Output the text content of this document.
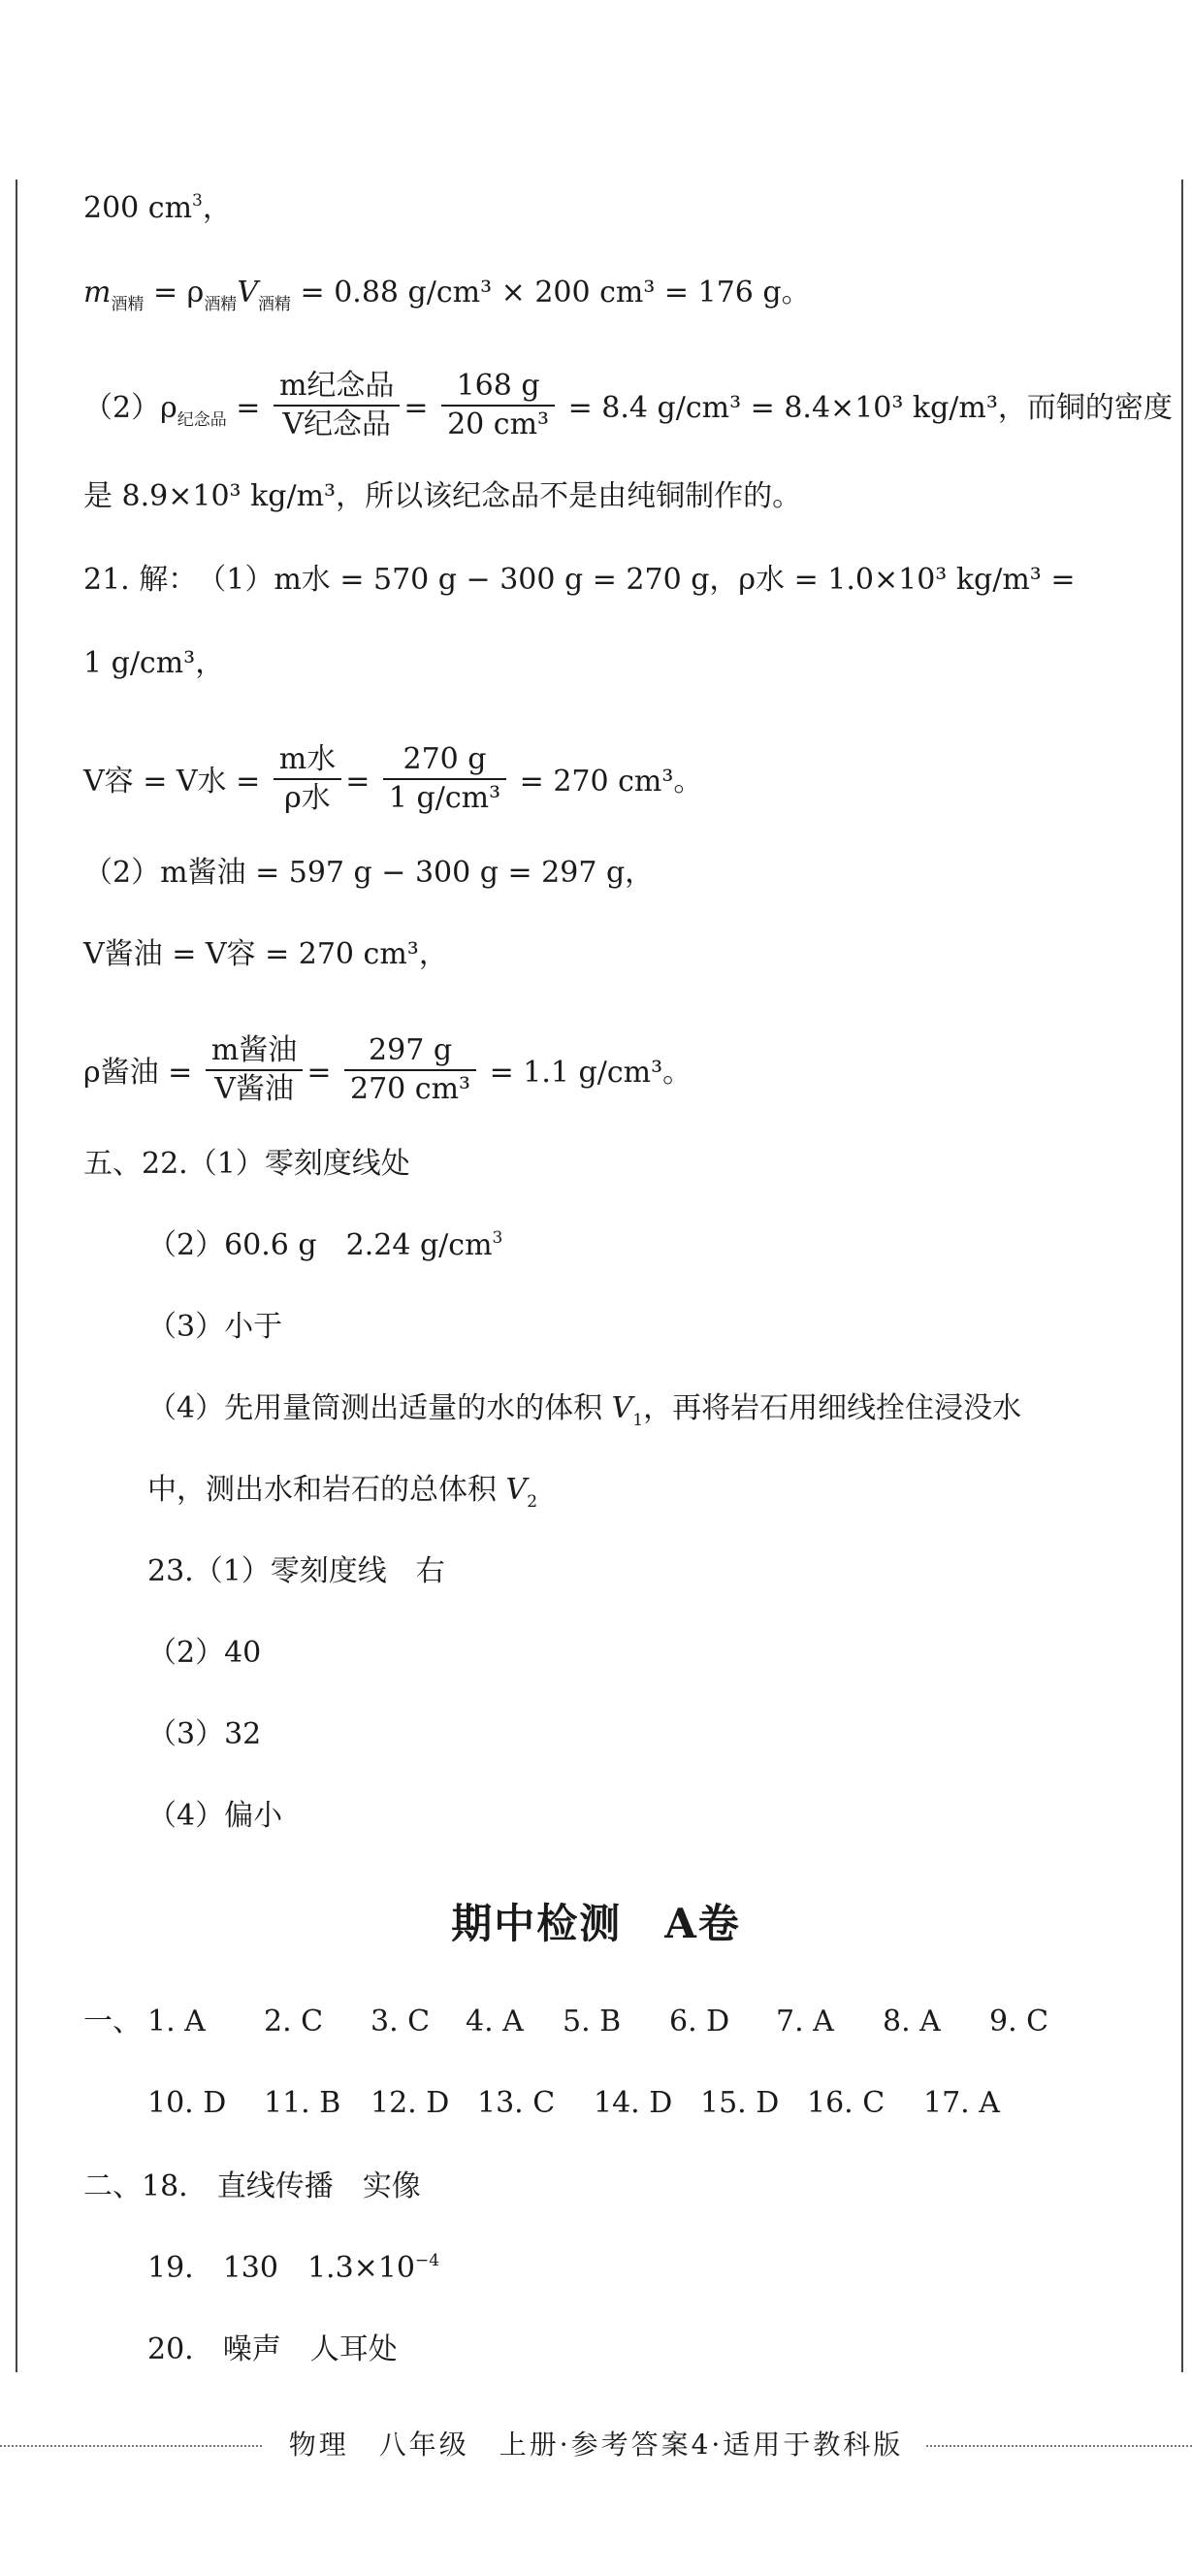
200 $cm^3$，
$m_{酒精} = \rho_{酒精}V_{酒精} = 0.88$ g/cm³ × 200 cm³ = 176 g。
$(2)\rho_{纪念品} = \frac{\text{m纪念品}}{\text{V纪念品}} = \frac{168 g}{\text{20 cm³}} = 8.4$ g/cm³ = 8.4×10³ kg/m³，而铜的密度
是 8.9×10³ kg/m³，所以该纪念品不是由纯铜制作的。
21. 解：　（1）m水 = 570 g − 300 g = 270 g，ρ水 = 1.0×10³ kg/m³ =
1 g/cm³，
V容 = V水 = $\frac{\text{m水}}{\text{ρ水}} = \frac{270 g}{\text{1 g/cm³}} = 270$ cm³。
（2）m酱油 = 597 g − 300 g = 297 g，
V酱油 = V容 = 270 cm³，
ρ酱油 = $\frac{\text{m酱油}}{\text{V酱油}} = \frac{297 g}{\text{270 cm³}} = 1.1$ g/cm³。
五、22.（1）零刻度线处
（2）60.6 g　2.24 $g/cm^3$
（3）小于
（4）先用量筒测出适量的水的体积 $V_1$，再将岩石用细线拴住浸没水
中，测出水和岩石的总体积 $V_2$
23.（1）零刻度线　右
（2）40
（3）32
（4）偏小
期中检测　A卷
一、 1. A 2. C 3. C 4. A 5. B 6. D 7. A 8. A 9. C
10. D 11. B 12. D 13. C 14. D 15. D 16. C 17. A
二、18.　直线传播　实像
19.　130　$1.3\times 10^{-4}$
20.　噪声　人耳处
物理　八年级　上册·参考答案4·适用于教科版
